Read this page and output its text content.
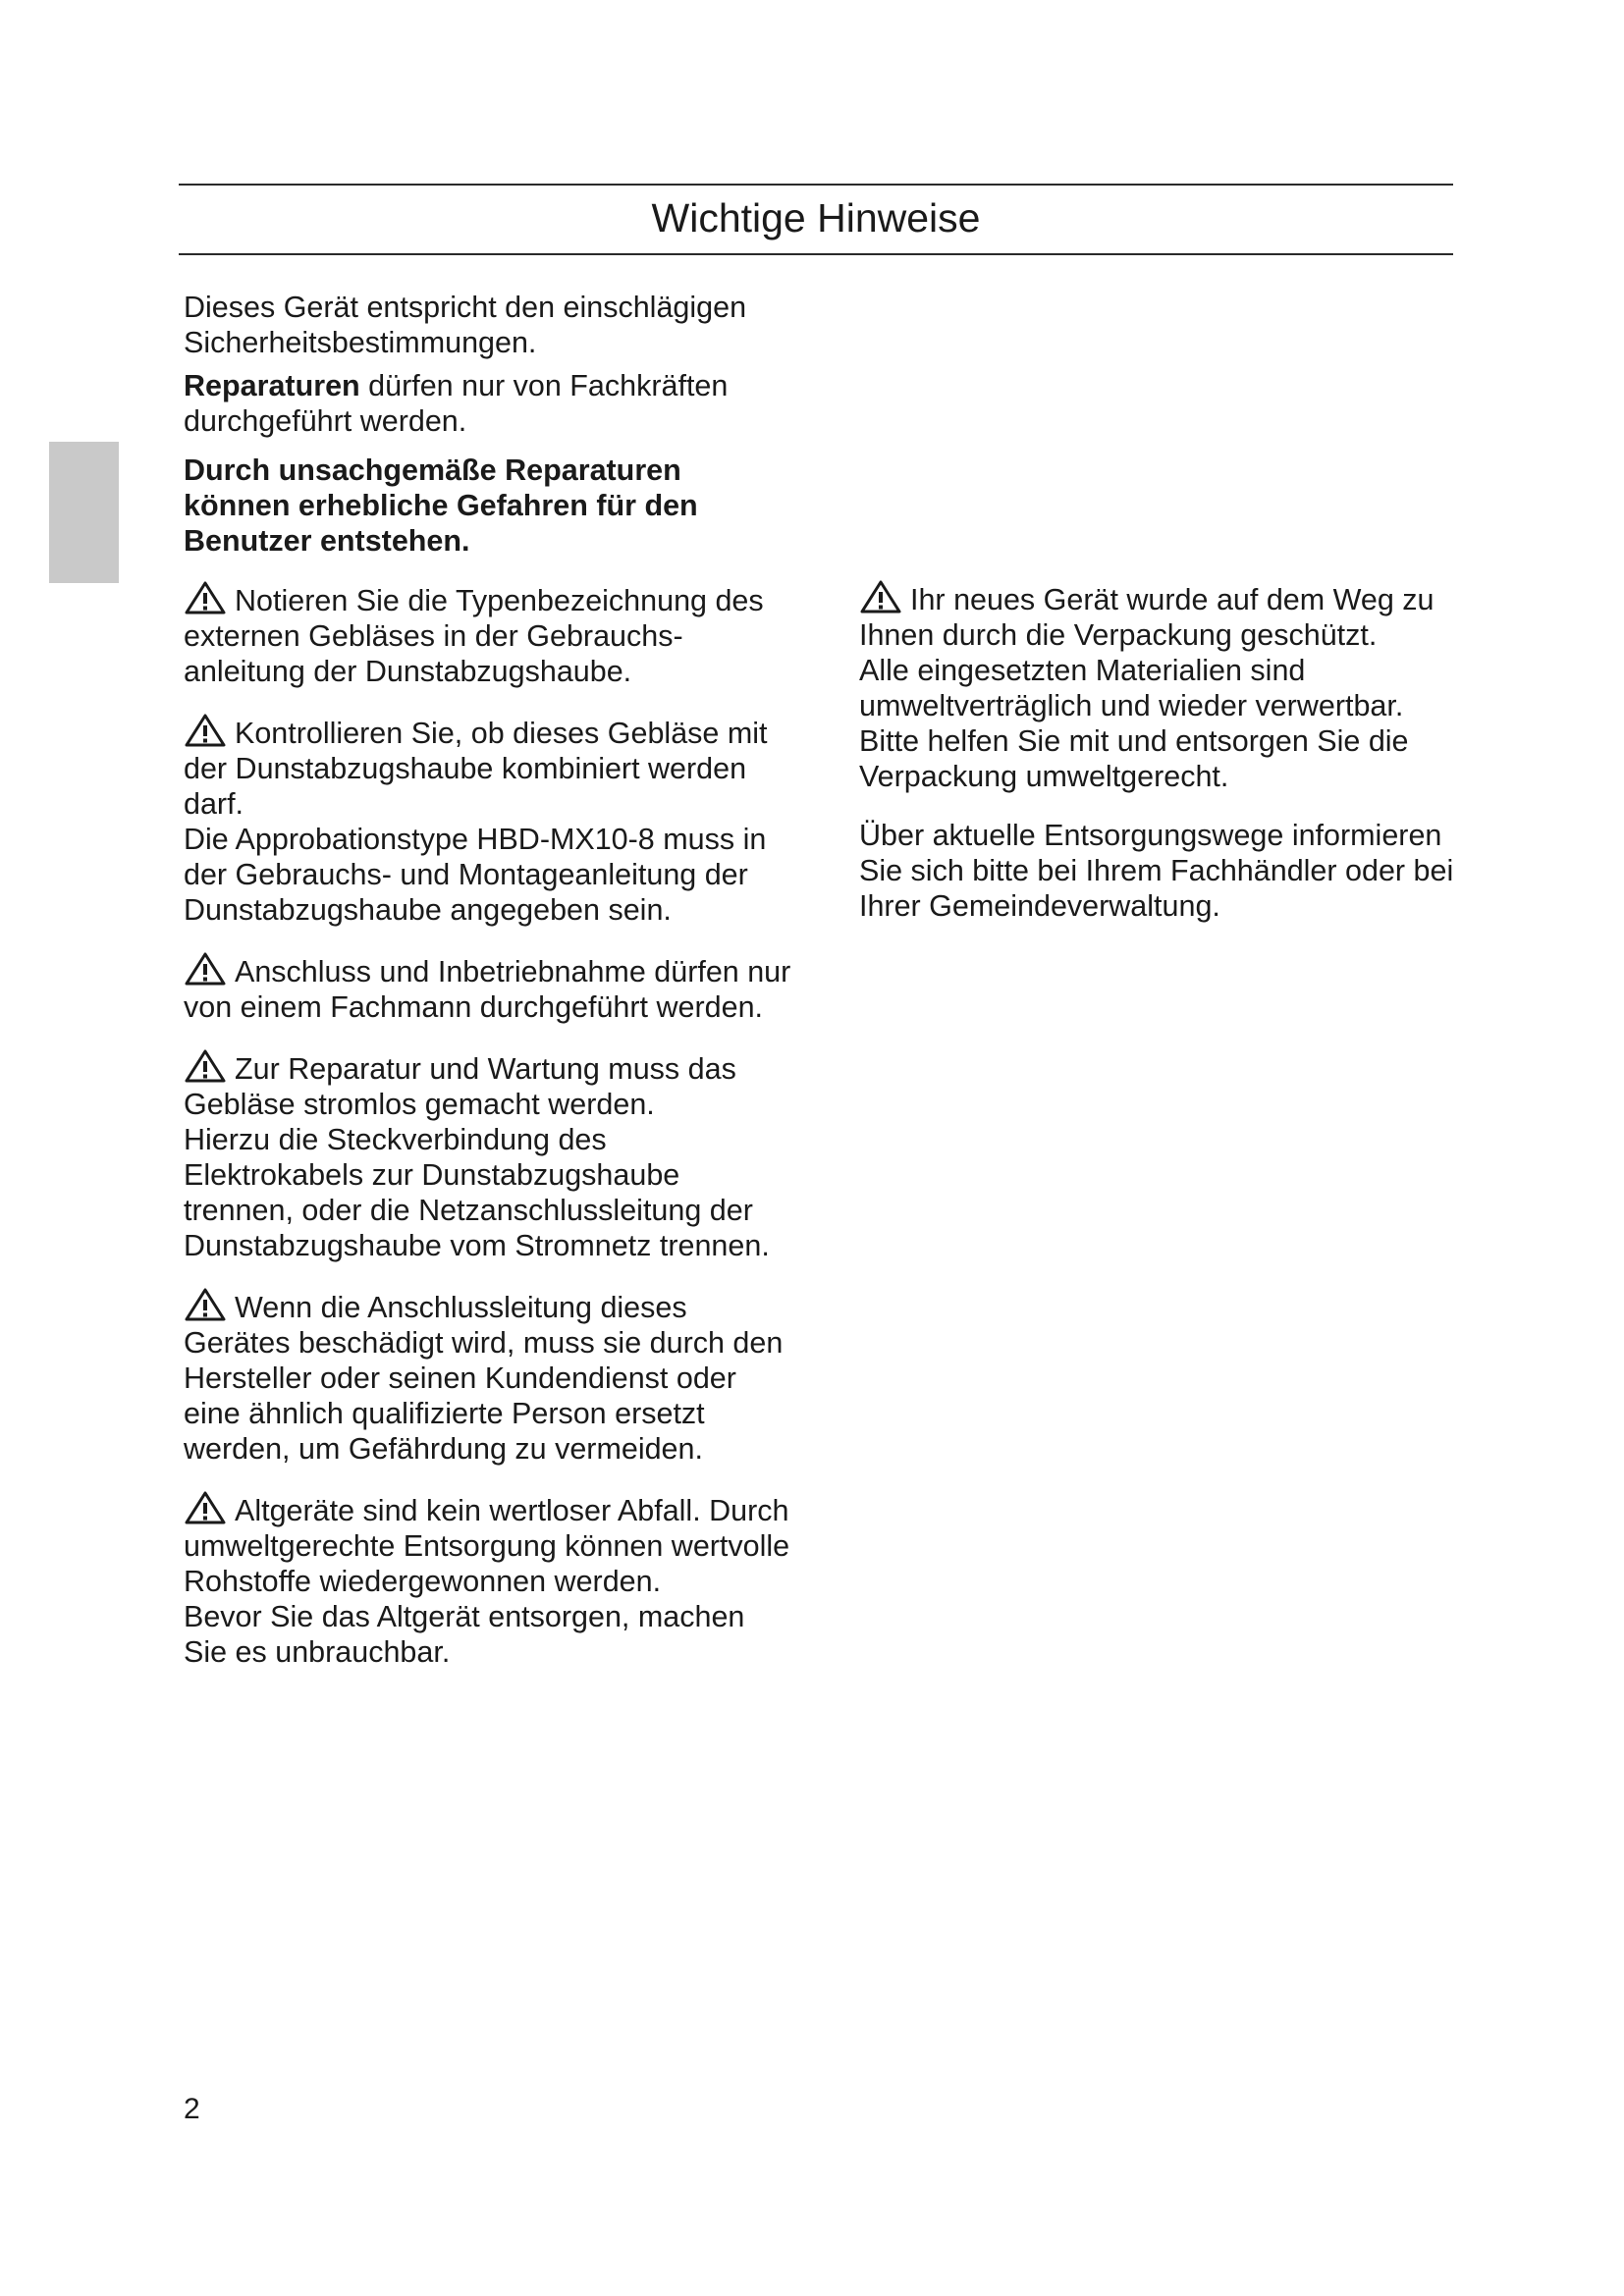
Wichtige Hinweise

Dieses Gerät entspricht den einschlägigen Sicherheitsbestimmungen.

Reparaturen dürfen nur von Fachkräften durchgeführt werden.

Durch unsachgemäße Reparaturen können erhebliche Gefahren für den Benutzer entstehen.

Notieren Sie die Typenbezeichnung des externen Gebläses in der Gebrauchs-anleitung der Dunstabzugshaube.

Kontrollieren Sie, ob dieses Gebläse mit der Dunstabzugshaube kombiniert werden darf.

Die Approbationstype HBD-MX10-8 muss in der Gebrauchs- und Montageanleitung der Dunstabzugshaube angegeben sein.

Anschluss und Inbetriebnahme dürfen nur von einem Fachmann durchgeführt werden.

Zur Reparatur und Wartung muss das Gebläse stromlos gemacht werden.

Hierzu die Steckverbindung des Elektrokabels zur Dunstabzugshaube trennen, oder die Netzanschlussleitung der Dunstabzugshaube vom Stromnetz trennen.

Wenn die Anschlussleitung dieses Gerätes beschädigt wird, muss sie durch den Hersteller oder seinen Kundendienst oder eine ähnlich qualifizierte Person ersetzt werden, um Gefährdung zu vermeiden.

Altgeräte sind kein wertloser Abfall. Durch umweltgerechte Entsorgung können wertvolle Rohstoffe wiedergewonnen werden.

Bevor Sie das Altgerät entsorgen, machen Sie es unbrauchbar.

Ihr neues Gerät wurde auf dem Weg zu Ihnen durch die Verpackung geschützt.

Alle eingesetzten Materialien sind umweltverträglich und wieder verwertbar. Bitte helfen Sie mit und entsorgen Sie die Verpackung umweltgerecht.

Über aktuelle Entsorgungswege informieren Sie sich bitte bei Ihrem Fachhändler oder bei Ihrer Gemeindeverwaltung.

2
